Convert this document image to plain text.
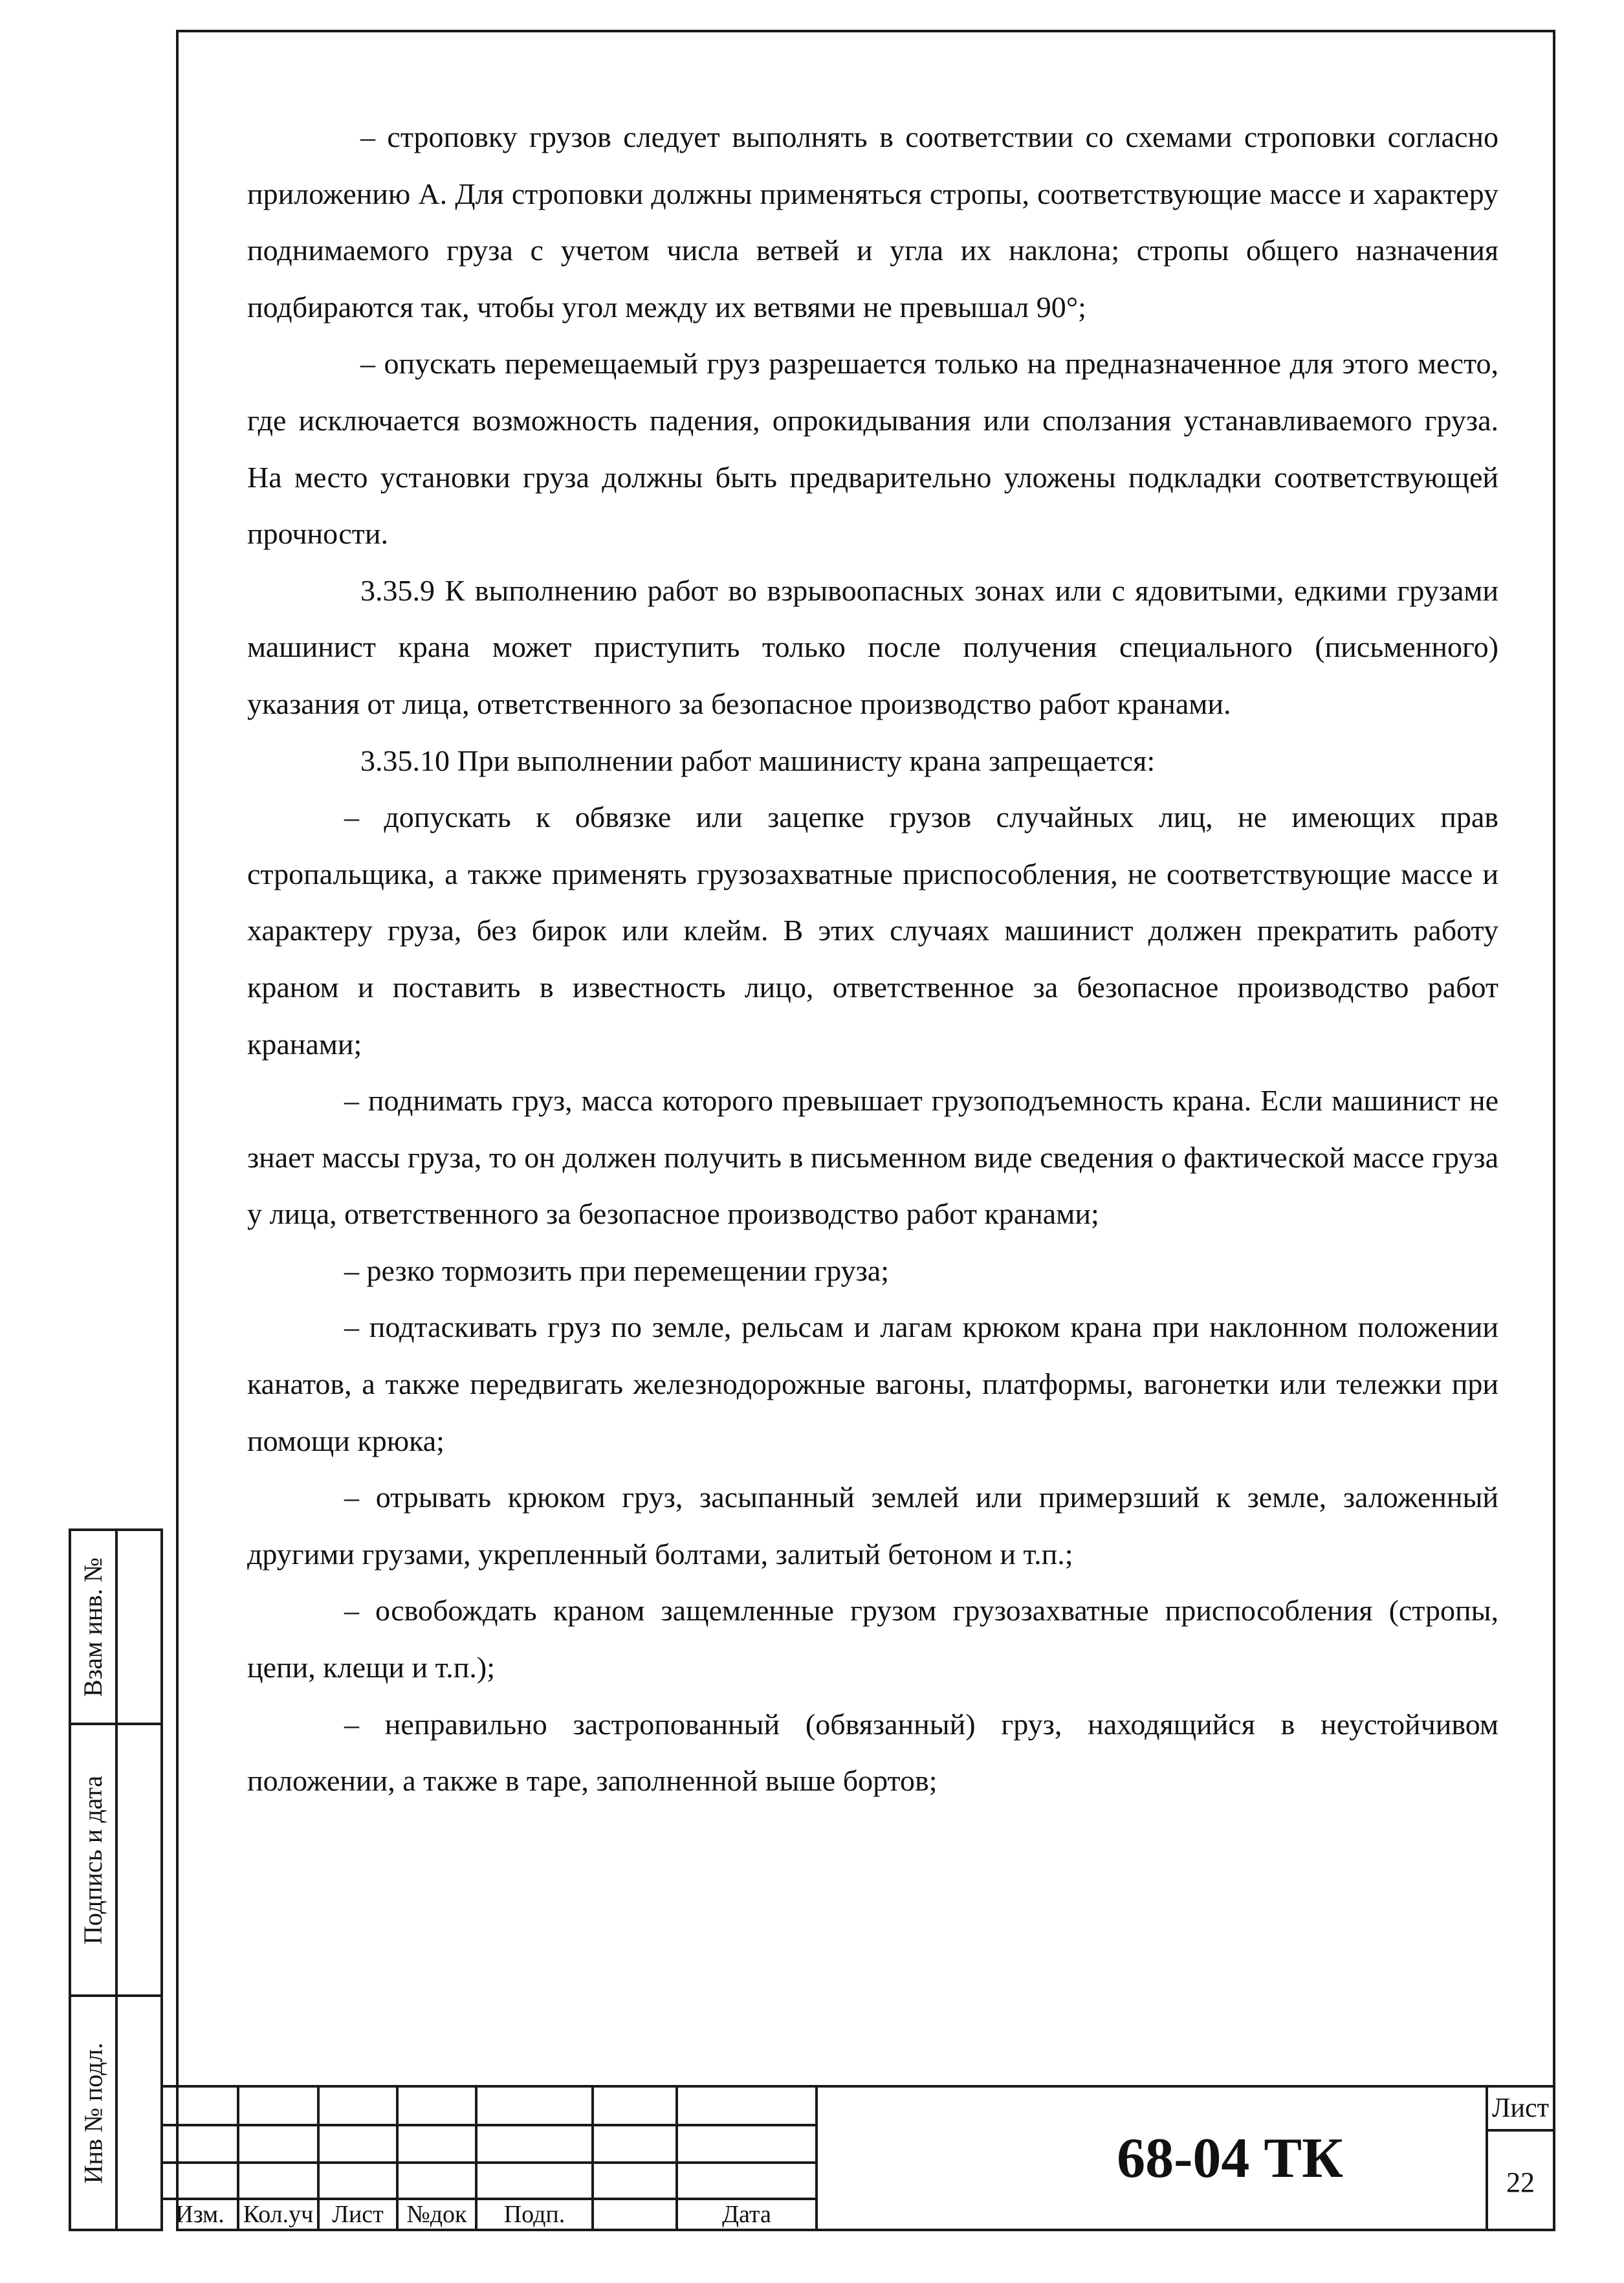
– строповку грузов следует выполнять в соответствии со схемами строповки согласно приложению А. Для строповки должны применяться стропы, соответствующие массе и характеру поднимаемого груза с учетом числа ветвей и угла их наклона; стропы общего назначения подбираются так, чтобы угол между их ветвями не превышал 90°;

– опускать перемещаемый груз разрешается только на предназначенное для этого место, где исключается возможность падения, опрокидывания или сползания устанавливаемого груза. На место установки груза должны быть предварительно уложены подкладки соответствующей прочности.

3.35.9 К выполнению работ во взрывоопасных зонах или с ядовитыми, едкими грузами машинист крана может приступить только после получения специального (письменного) указания от лица, ответственного за безопасное производство работ кранами.

3.35.10 При выполнении работ машинисту крана запрещается:

– допускать к обвязке или зацепке грузов случайных лиц, не имеющих прав стропальщика, а также применять грузозахватные приспособления, не соответствующие массе и характеру груза, без бирок или клейм. В этих случаях машинист должен прекратить работу краном и поставить в известность лицо, ответственное за безопасное производство работ кранами;

– поднимать груз, масса которого превышает грузоподъемность крана. Если машинист не знает массы груза, то он должен получить в письменном виде сведения о фактической массе груза у лица, ответственного за безопасное производство работ кранами;

– резко тормозить при перемещении груза;

– подтаскивать груз по земле, рельсам и лагам крюком крана при наклонном положении канатов, а также передвигать железнодорожные вагоны, платформы, вагонетки или тележки при помощи крюка;

– отрывать крюком груз, засыпанный землей или примерзший к земле, заложенный другими грузами, укрепленный болтами, залитый бетоном и т.п.;

– освобождать краном защемленные грузом грузозахватные приспособления (стропы, цепи, клещи и т.п.);

– неправильно застропованный (обвязанный) груз, находящийся в неустойчивом положении, а также в таре, заполненной выше бортов;

Взам инв. №
Подпись и дата
Инв № подл.
Изм. Кол.уч Лист №док	Подп.	Дата
68-04 ТК
Лист
22
